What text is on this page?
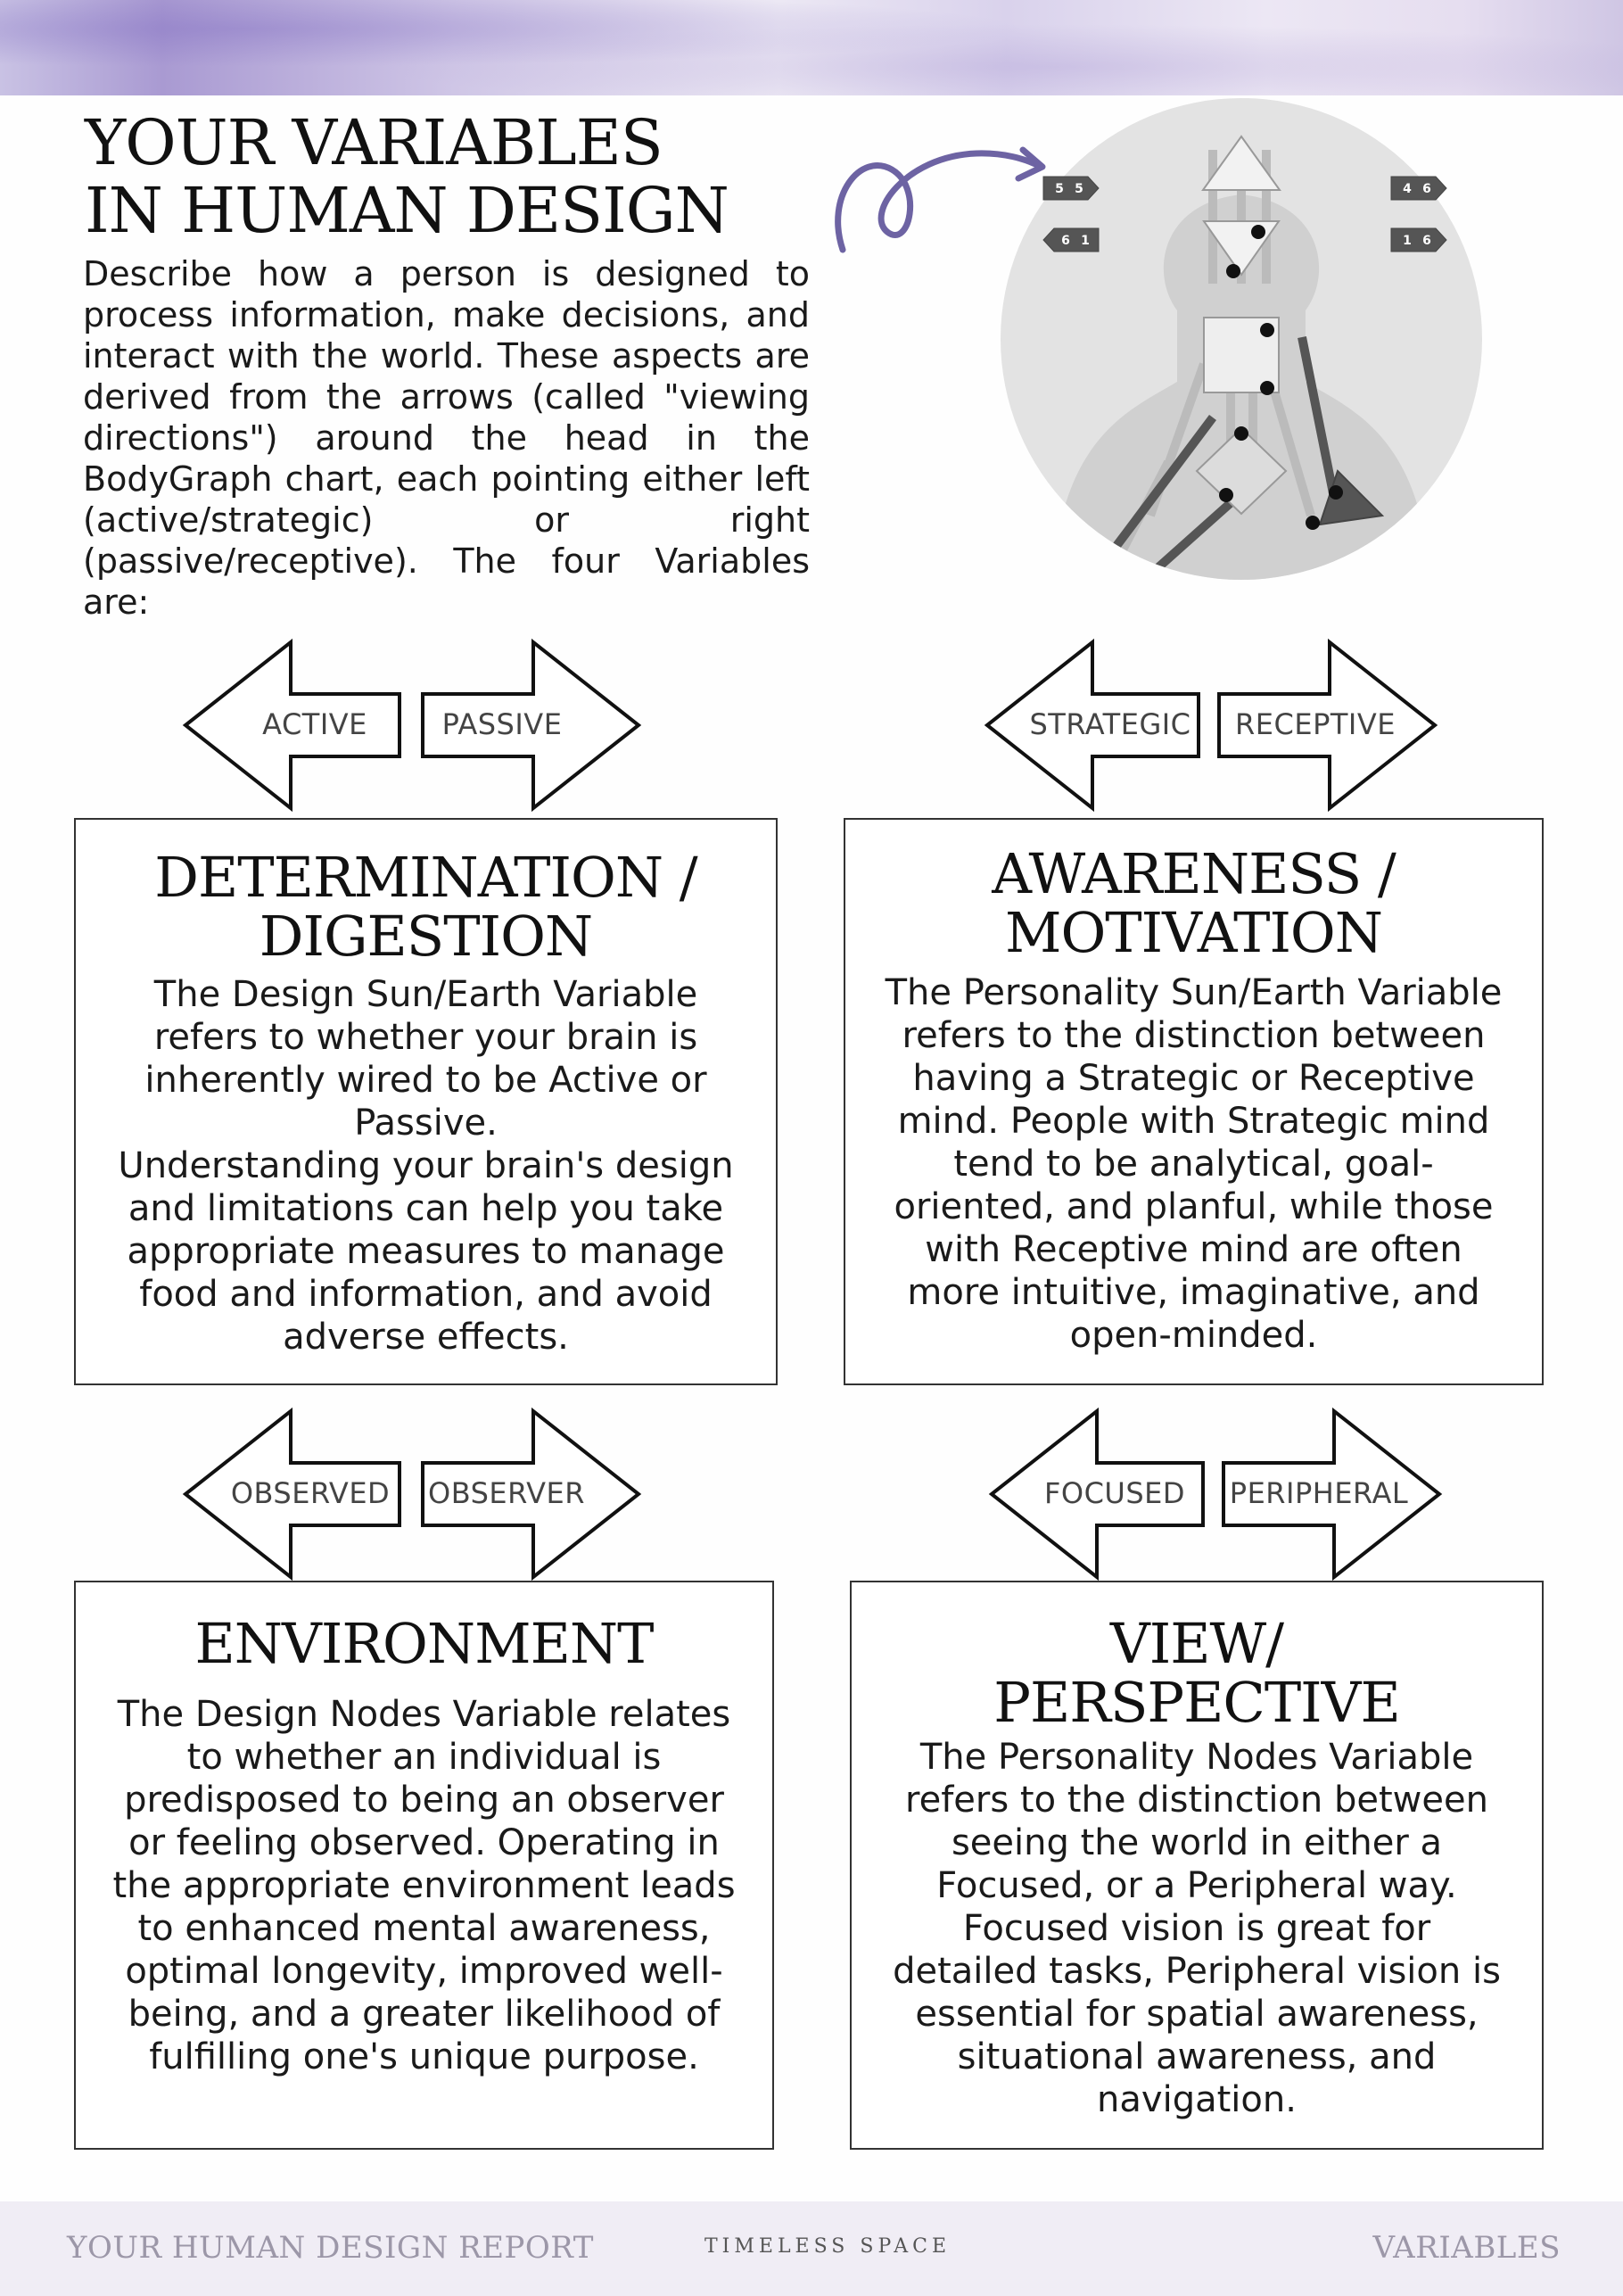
YOUR VARIABLES
IN HUMAN DESIGN

Describe how a person is designed to process information, make decisions, and interact with the world. These aspects are derived from the arrows (called "viewing directions") around the head in the BodyGraph chart, each pointing either left (active/strategic) or right (passive/receptive). The four Variables are:

5 5	4 6
6 1	1 6
ACTIVE	PASSIVE	STRATEGIC	RECEPTIVE
DETERMINATION /
DIGESTION

The Design Sun/Earth Variable
refers to whether your brain is
inherently wired to be Active or
Passive.
Understanding your brain's design
and limitations can help you take
appropriate measures to manage
food and information, and avoid
adverse effects.

AWARENESS /
MOTIVATION

The Personality Sun/Earth Variable
refers to the distinction between
having a Strategic or Receptive
mind. People with Strategic mind
tend to be analytical, goal-
oriented, and planful, while those
with Receptive mind are often
more intuitive, imaginative, and
open-minded.

OBSERVED	OBSERVER	FOCUSED	PERIPHERAL
ENVIRONMENT

The Design Nodes Variable relates
to whether an individual is
predisposed to being an observer
or feeling observed. Operating in
the appropriate environment leads
to enhanced mental awareness,
optimal longevity, improved well-
being, and a greater likelihood of
fulfilling one's unique purpose.

VIEW/
PERSPECTIVE

The Personality Nodes Variable
refers to the distinction between
seeing the world in either a
Focused, or a Peripheral way.
Focused vision is great for
detailed tasks, Peripheral vision is
essential for spatial awareness,
situational awareness, and
navigation.

YOUR HUMAN DESIGN REPORT	TIMELESS SPACE	VARIABLES
